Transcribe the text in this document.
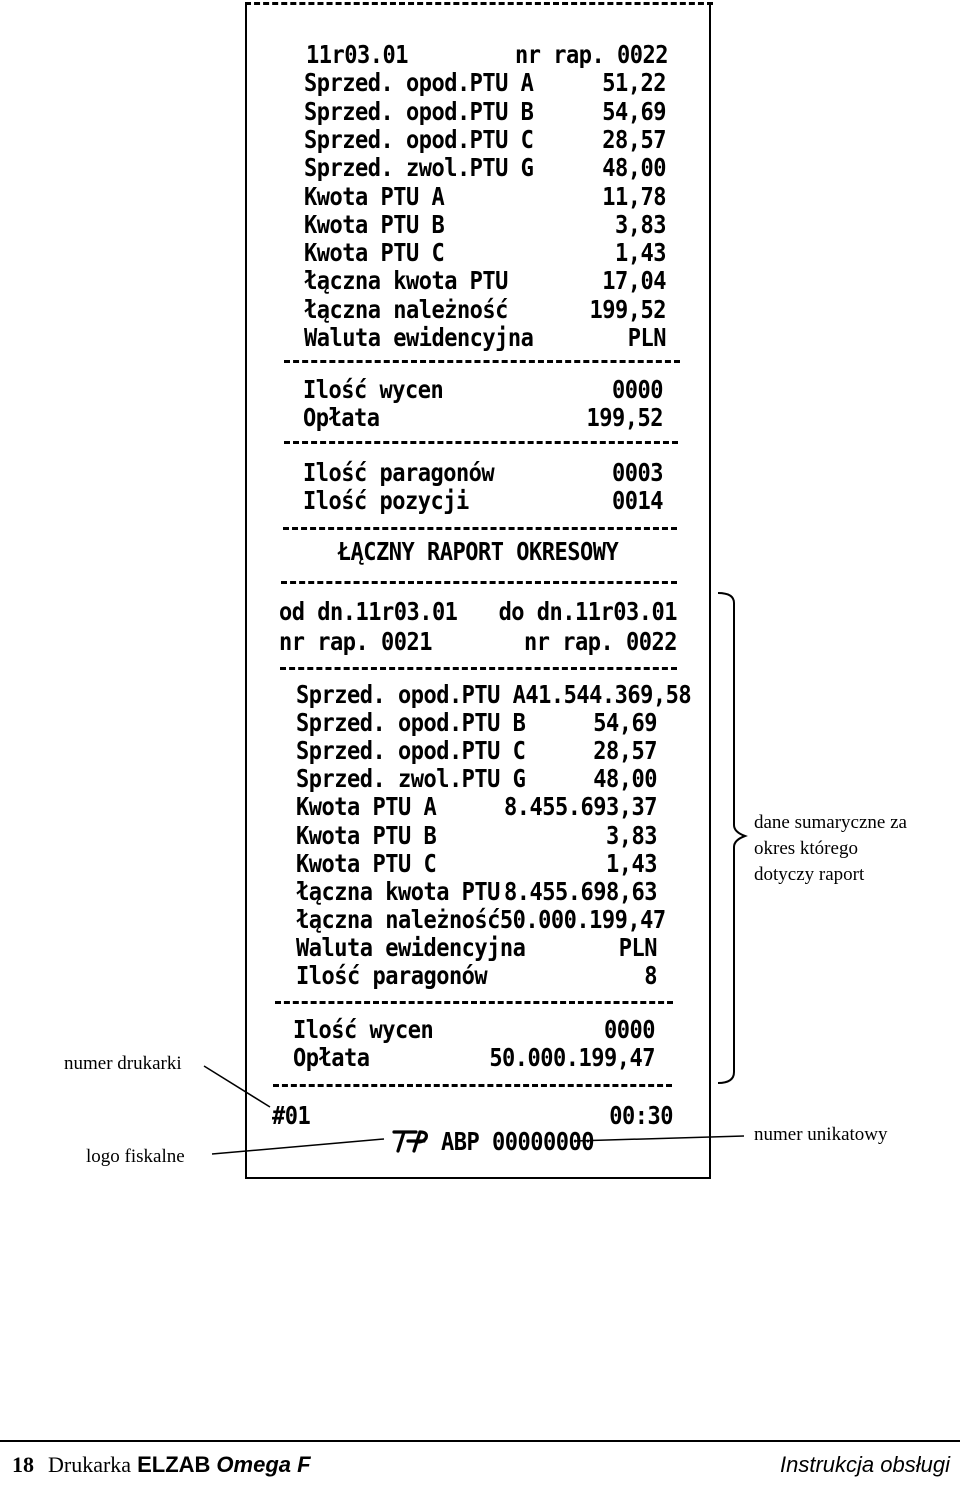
11r03.01	nr rap. 0022
Sprzed. opod.PTU A	51,22
Sprzed. opod.PTU B	54,69
Sprzed. opod.PTU C	28,57
Sprzed. zwol.PTU G	48,00
Kwota PTU A	11,78
Kwota PTU B	3,83
Kwota PTU C	1,43
łączna kwota PTU	17,04
łączna należność	199,52
Waluta ewidencyjna	PLN
Ilość wycen	0000
Opłata	199,52
Ilość paragonów	0003
Ilość pozycji	0014
od dn.11r03.01 do dn.11r03.01
nr rap. 0021	nr rap. 0022
Sprzed. opod.PTU A 41.544.369,58
Sprzed. opod.PTU B	54,69
Sprzed. opod.PTU C	28,57
Sprzed. zwol.PTU G	48,00
Kwota PTU A	8.455.693,37
Kwota PTU B	3,83
Kwota PTU C	1,43
łączna kwota PTU 8.455.698,63
łączna należność 50.000.199,47
Waluta ewidencyjna	PLN
Ilość paragonów	8
Ilość wycen	0000
Opłata	50.000.199,47
#01	00:30
ABP 00000000
ŁĄCZNY RAPORT OKRESOWY
dane sumaryczne za
okres którego
dotyczy raport
numer drukarki
logo fiskalne
numer unikatowy
18 Drukarka ELZAB Omega F	Instrukcja obsługi
